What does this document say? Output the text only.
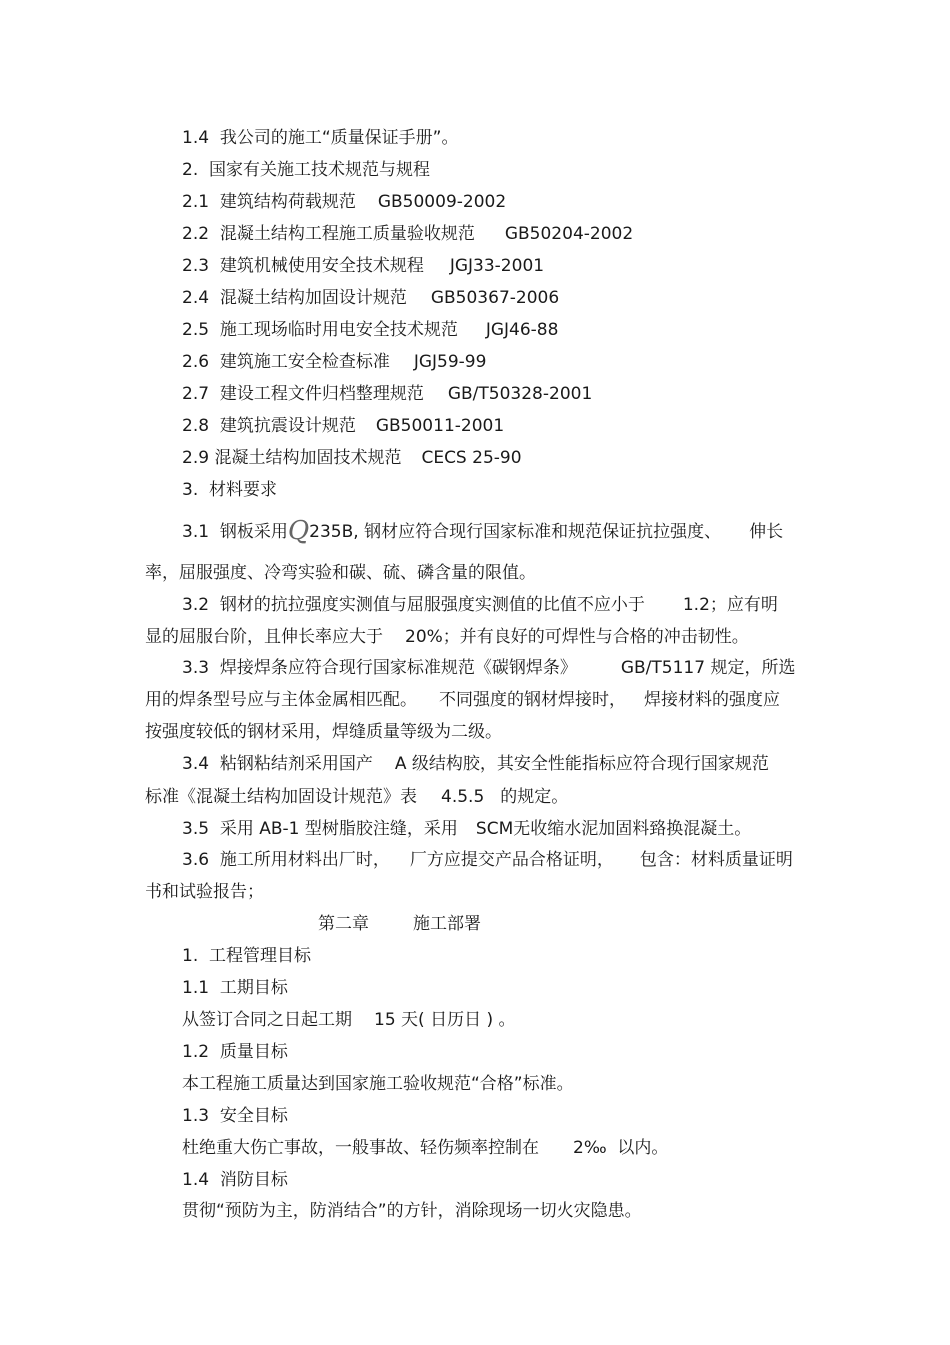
1.4  我公司的施工“质量保证手册”。
2.  国家有关施工技术规范与规程
2.1  建筑结构荷载规范 GB50009-2002
2.2  混凝土结构工程施工质量验收规范 GB50204-2002
2.3  建筑机械使用安全技术规程 JGJ33-2001
2.4  混凝土结构加固设计规范 GB50367-2006
2.5  施工现场临时用电安全技术规范 JGJ46-88
2.6  建筑施工安全检查标准 JGJ59-99
2.7  建设工程文件归档整理规范 GB/T50328-2001
2.8  建筑抗震设计规范 GB50011-2001
2.9 混凝土结构加固技术规范 CECS 25-90
3.  材料要求
3.1  钢板采用Q235B, 钢材应符合现行国家标准和规范保证抗拉强度、 伸长
率，屈服强度、冷弯实验和碳、硫、磷含量的限值。
3.2  钢材的抗拉强度实测值与屈服强度实测值的比值不应小于 1.2；应有明
显的屈服台阶，且伸长率应大于 20%；并有良好的可焊性与合格的冲击韧性。
3.3  焊接焊条应符合现行国家标准规范《碳钢焊条》	GB/T5117 规定，所选
用的焊条型号应与主体金属相匹配。 不同强度的钢材焊接时， 焊接材料的强度应
按强度较低的钢材采用，焊缝质量等级为二级。
3.4  粘钢粘结剂采用国产 A 级结构胶，其安全性能指标应符合现行国家规范
标准《混凝土结构加固设计规范》表 4.5.5 的规定。
3.5  采用 AB-1 型树脂胶注缝，采用 SCM无收缩水泥加固料臵换混凝土。
3.6  施工所用材料出厂时， 厂方应提交产品合格证明， 包含：材料质量证明
书和试验报告；
第二章	施工部署
1.  工程管理目标
1.1  工期目标
从签订合同之日起工期 15 天( 日历日 ) 。
1.2  质量目标
本工程施工质量达到国家施工验收规范“合格”标准。
1.3  安全目标
杜绝重大伤亡事故，一般事故、轻伤频率控制在 2‰  以内。
1.4  消防目标
贯彻“预防为主，防消结合”的方针，消除现场一切火灾隐患。
